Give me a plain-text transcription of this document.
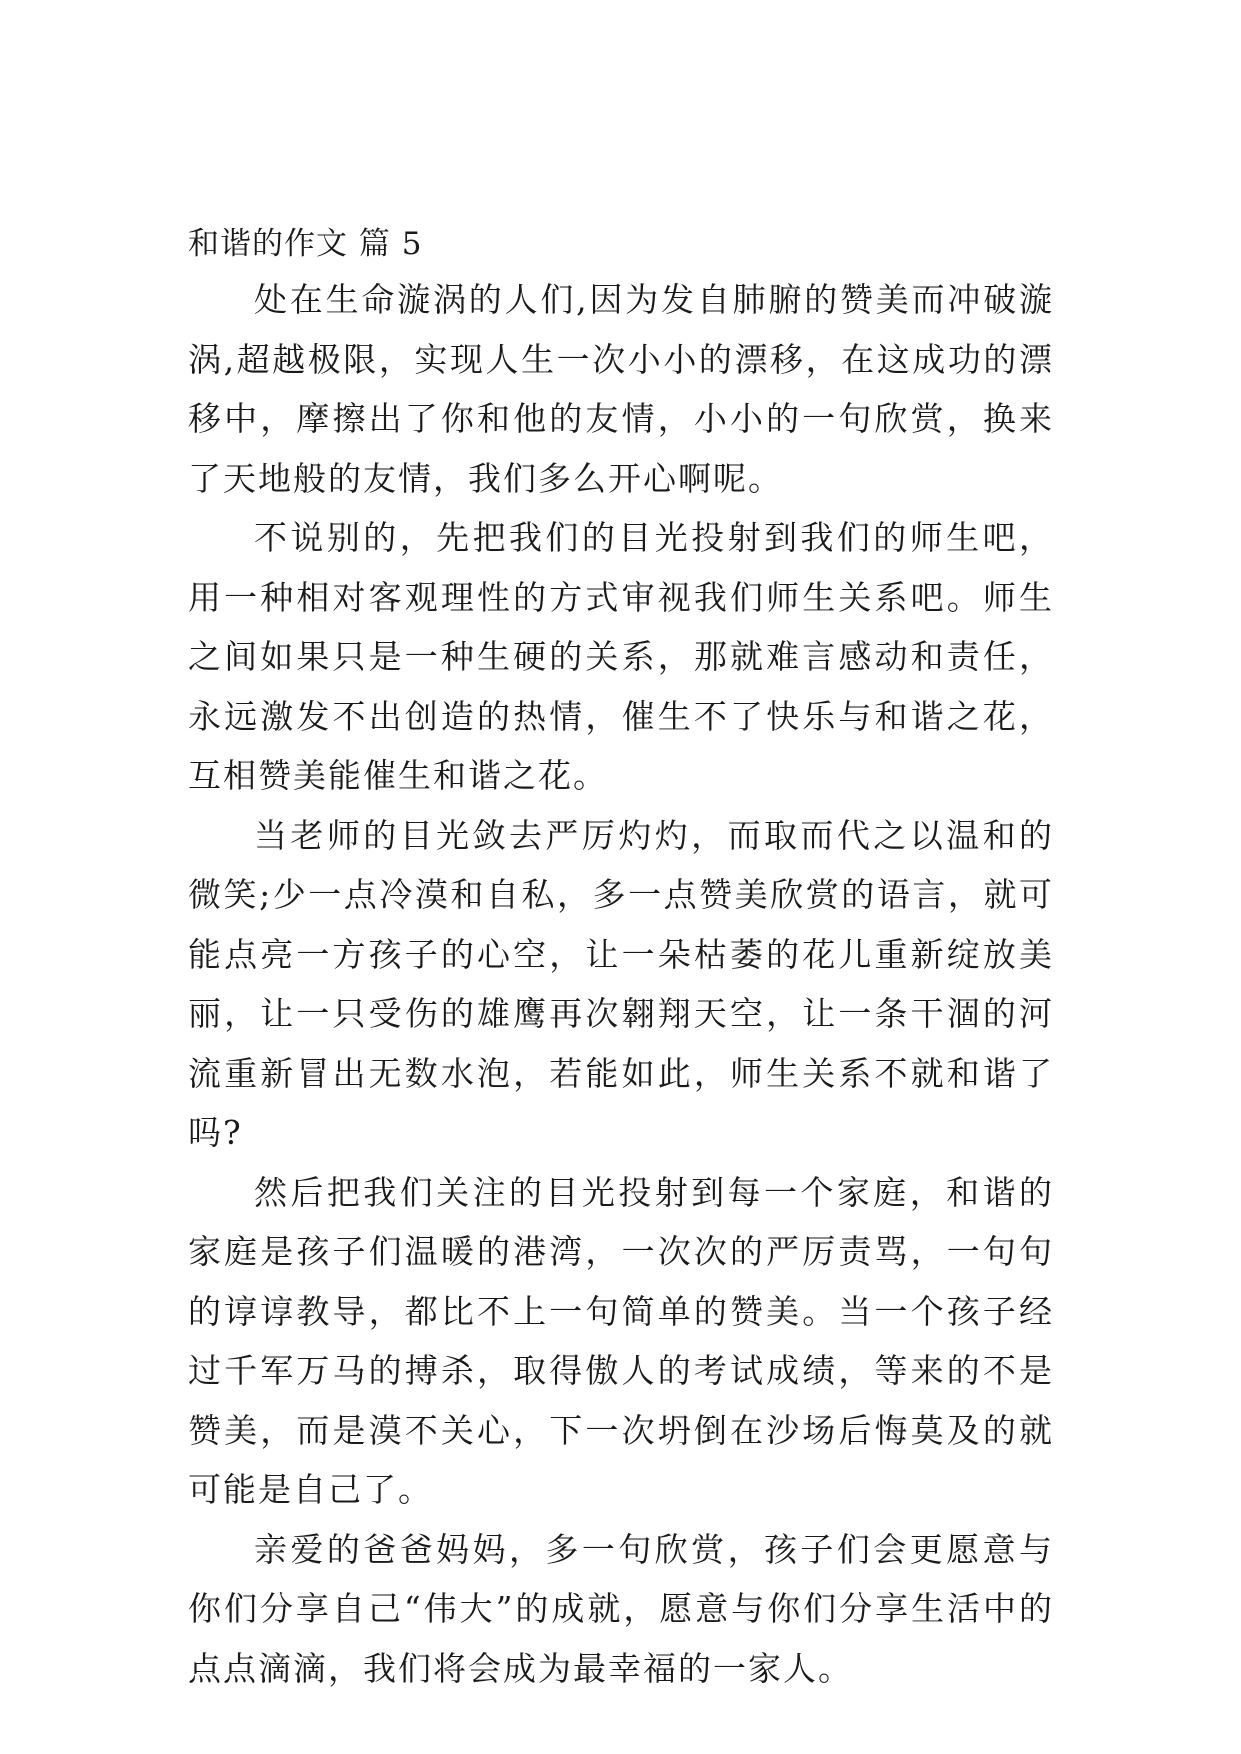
和谐的作文 篇 5

处在生命漩涡的人们,因为发自肺腑的赞美而冲破漩涡,超越极限，实现人生一次小小的漂移，在这成功的漂移中，摩擦出了你和他的友情，小小的一句欣赏，换来了天地般的友情，我们多么开心啊呢。

不说别的，先把我们的目光投射到我们的师生吧，用一种相对客观理性的方式审视我们师生关系吧。师生之间如果只是一种生硬的关系，那就难言感动和责任，永远激发不出创造的热情，催生不了快乐与和谐之花，互相赞美能催生和谐之花。

当老师的目光敛去严厉灼灼，而取而代之以温和的微笑;少一点冷漠和自私，多一点赞美欣赏的语言，就可能点亮一方孩子的心空，让一朵枯萎的花儿重新绽放美丽，让一只受伤的雄鹰再次翱翔天空，让一条干涸的河流重新冒出无数水泡，若能如此，师生关系不就和谐了吗?

然后把我们关注的目光投射到每一个家庭，和谐的家庭是孩子们温暖的港湾，一次次的严厉责骂，一句句的谆谆教导，都比不上一句简单的赞美。当一个孩子经过千军万马的搏杀，取得傲人的考试成绩，等来的不是赞美，而是漠不关心，下一次坍倒在沙场后悔莫及的就可能是自己了。

亲爱的爸爸妈妈，多一句欣赏，孩子们会更愿意与你们分享自己“伟大”的成就，愿意与你们分享生活中的点点滴滴，我们将会成为最幸福的一家人。
